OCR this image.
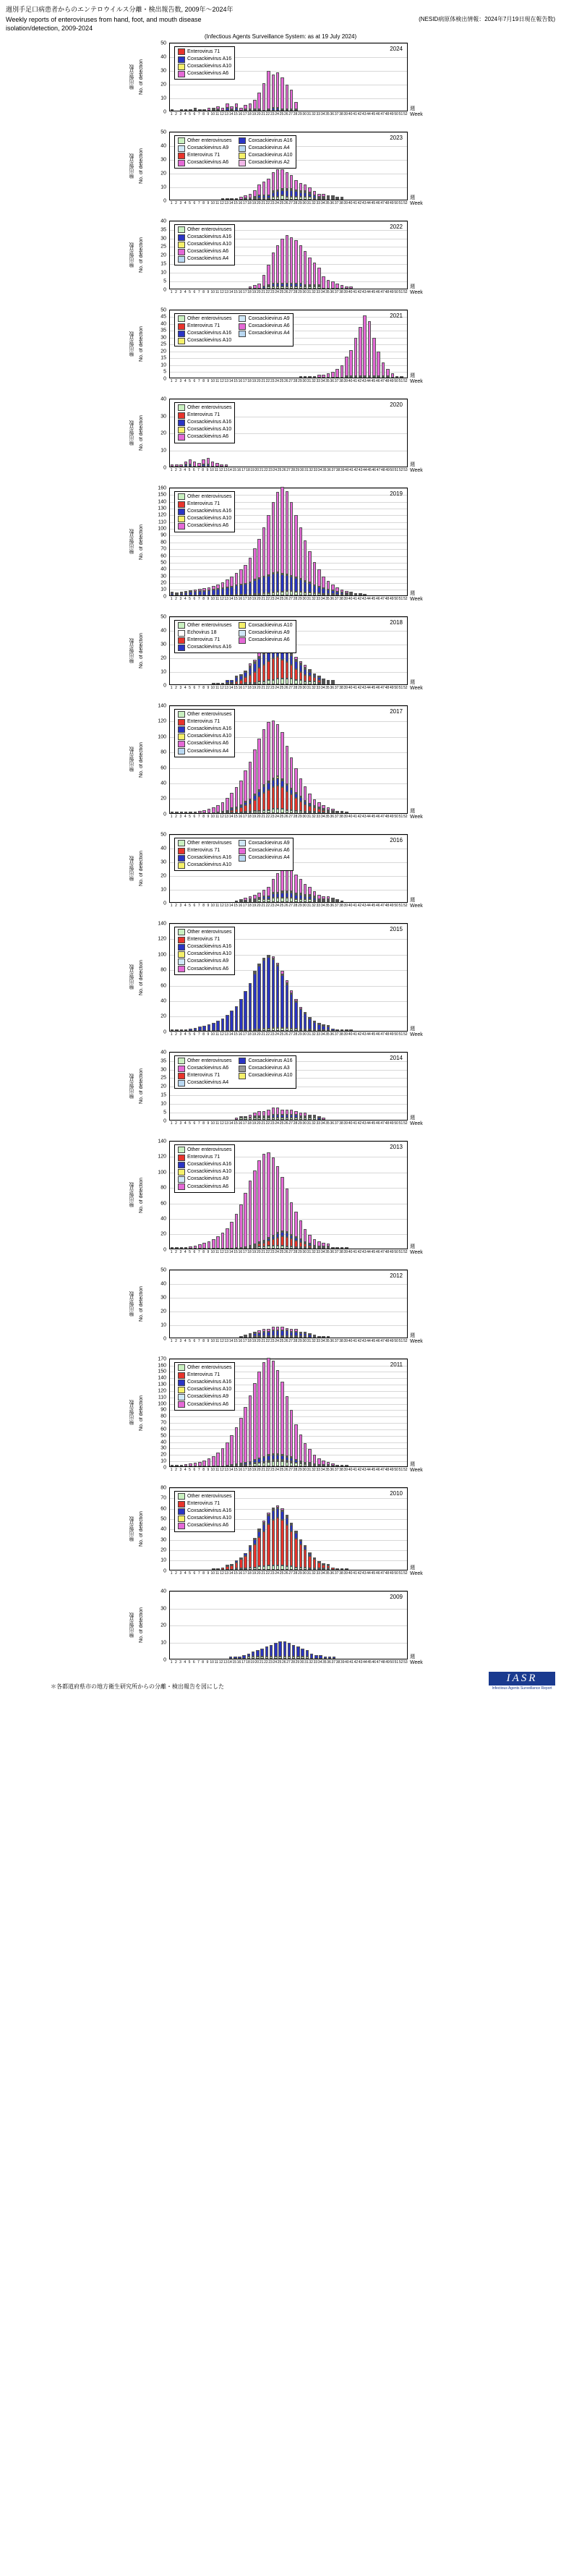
週別手足口病患者からのエンテロウイルス分離・検出報告数, 2009年～2024年
Weekly reports of enteroviruses from hand, foot, and mouth disease	(NESID病原体検出情報：2024年7月19日現在報告数)
isolation/detection, 2009-2024
(Infectious Agents Surveillance System: as at 19 July 2024)
検出報告数 No. of detection
0
10
20
30
40
50
2024
Enterovirus 71
Coxsackievirus A16
Coxsackievirus A10
Coxsackievirus A6
1 2 3 4 5 6 7 8 9 10 11 12 13 14 15 16 17 18 19 20 21 22 23 24 25 26 27 28 29 30 31 32 33 34 35 36 37 38 39 40 41 42 43 44 45 46 47 48 49 50 51 52
週
Week
検出報告数 No. of detection
0
10
20
30
40
50
2023
Other enteroviruses
Coxsackievirus A9
Enterovirus 71
Coxsackievirus A6
Coxsackievirus A16
Coxsackievirus A4
Coxsackievirus A10
Coxsackievirus A2
1 2 3 4 5 6 7 8 9 10 11 12 13 14 15 16 17 18 19 20 21 22 23 24 25 26 27 28 29 30 31 32 33 34 35 36 37 38 39 40 41 42 43 44 45 46 47 48 49 50 51 52
週
Week
検出報告数 No. of detection
0
5
10
15
20
25
30
35
40
2022
Other enteroviruses
Coxsackievirus A16
Coxsackievirus A10
Coxsackievirus A6
Coxsackievirus A4
1 2 3 4 5 6 7 8 9 10 11 12 13 14 15 16 17 18 19 20 21 22 23 24 25 26 27 28 29 30 31 32 33 34 35 36 37 38 39 40 41 42 43 44 45 46 47 48 49 50 51 52
週
Week
検出報告数 No. of detection
0
5
10
15
20
25
30
35
40
45
50
2021
Other enteroviruses
Enterovirus 71
Coxsackievirus A16
Coxsackievirus A10
Coxsackievirus A9
Coxsackievirus A6
Coxsackievirus A4
1 2 3 4 5 6 7 8 9 10 11 12 13 14 15 16 17 18 19 20 21 22 23 24 25 26 27 28 29 30 31 32 33 34 35 36 37 38 39 40 41 42 43 44 45 46 47 48 49 50 51 52
週
Week
検出報告数 No. of detection
0
10
20
30
40
2020
Other enteroviruses
Enterovirus 71
Coxsackievirus A16
Coxsackievirus A10
Coxsackievirus A6
1 2 3 4 5 6 7 8 9 10 11 12 13 14 15 16 17 18 19 20 21 22 23 24 25 26 27 28 29 30 31 32 33 34 35 36 37 38 39 40 41 42 43 44 45 46 47 48 49 50 51 52 53
週
Week
検出報告数 No. of detection
0
10
20
30
40
50
60
70
80
90
100
110
120
130
140
150
160
2019
Other enteroviruses
Enterovirus 71
Coxsackievirus A16
Coxsackievirus A10
Coxsackievirus A6
1 2 3 4 5 6 7 8 9 10 11 12 13 14 15 16 17 18 19 20 21 22 23 24 25 26 27 28 29 30 31 32 33 34 35 36 37 38 39 40 41 42 43 44 45 46 47 48 49 50 51 52
週
Week
検出報告数 No. of detection
0
10
20
30
40
50
2018
Other enteroviruses
Echovirus 18
Enterovirus 71
Coxsackievirus A16
Coxsackievirus A10
Coxsackievirus A9
Coxsackievirus A6
1 2 3 4 5 6 7 8 9 10 11 12 13 14 15 16 17 18 19 20 21 22 23 24 25 26 27 28 29 30 31 32 33 34 35 36 37 38 39 40 41 42 43 44 45 46 47 48 49 50 51 52
週
Week
検出報告数 No. of detection
0
20
40
60
80
100
120
140
2017
Other enteroviruses
Enterovirus 71
Coxsackievirus A16
Coxsackievirus A10
Coxsackievirus A6
Coxsackievirus A4
1 2 3 4 5 6 7 8 9 10 11 12 13 14 15 16 17 18 19 20 21 22 23 24 25 26 27 28 29 30 31 32 33 34 35 36 37 38 39 40 41 42 43 44 45 46 47 48 49 50 51 52
週
Week
検出報告数 No. of detection
0
10
20
30
40
50
2016
Other enteroviruses
Enterovirus 71
Coxsackievirus A16
Coxsackievirus A10
Coxsackievirus A9
Coxsackievirus A6
Coxsackievirus A4
1 2 3 4 5 6 7 8 9 10 11 12 13 14 15 16 17 18 19 20 21 22 23 24 25 26 27 28 29 30 31 32 33 34 35 36 37 38 39 40 41 42 43 44 45 46 47 48 49 50 51 52
週
Week
検出報告数 No. of detection
0
20
40
60
80
100
120
140
2015
Other enteroviruses
Enterovirus 71
Coxsackievirus A16
Coxsackievirus A10
Coxsackievirus A9
Coxsackievirus A6
1 2 3 4 5 6 7 8 9 10 11 12 13 14 15 16 17 18 19 20 21 22 23 24 25 26 27 28 29 30 31 32 33 34 35 36 37 38 39 40 41 42 43 44 45 46 47 48 49 50 51 52
週
Week
検出報告数 No. of detection
0
5
10
15
20
25
30
35
40
2014
Other enteroviruses
Coxsackievirus A6
Enterovirus 71
Coxsackievirus A4
Coxsackievirus A16
Coxsackievirus A3
Coxsackievirus A10
1 2 3 4 5 6 7 8 9 10 11 12 13 14 15 16 17 18 19 20 21 22 23 24 25 26 27 28 29 30 31 32 33 34 35 36 37 38 39 40 41 42 43 44 45 46 47 48 49 50 51 52
週
Week
検出報告数 No. of detection
0
20
40
60
80
100
120
140
2013
Other enteroviruses
Enterovirus 71
Coxsackievirus A16
Coxsackievirus A10
Coxsackievirus A9
Coxsackievirus A6
1 2 3 4 5 6 7 8 9 10 11 12 13 14 15 16 17 18 19 20 21 22 23 24 25 26 27 28 29 30 31 32 33 34 35 36 37 38 39 40 41 42 43 44 45 46 47 48 49 50 51 52
週
Week
検出報告数 No. of detection
0
10
20
30
40
50
2012
1 2 3 4 5 6 7 8 9 10 11 12 13 14 15 16 17 18 19 20 21 22 23 24 25 26 27 28 29 30 31 32 33 34 35 36 37 38 39 40 41 42 43 44 45 46 47 48 49 50 51 52
週
Week
検出報告数 No. of detection
0
10
20
30
40
50
60
70
80
90
100
110
120
130
140
150
160
170
2011
Other enteroviruses
Enterovirus 71
Coxsackievirus A16
Coxsackievirus A10
Coxsackievirus A9
Coxsackievirus A6
1 2 3 4 5 6 7 8 9 10 11 12 13 14 15 16 17 18 19 20 21 22 23 24 25 26 27 28 29 30 31 32 33 34 35 36 37 38 39 40 41 42 43 44 45 46 47 48 49 50 51 52
週
Week
検出報告数 No. of detection
0
10
20
30
40
50
60
70
80
2010
Other enteroviruses
Enterovirus 71
Coxsackievirus A16
Coxsackievirus A10
Coxsackievirus A6
1 2 3 4 5 6 7 8 9 10 11 12 13 14 15 16 17 18 19 20 21 22 23 24 25 26 27 28 29 30 31 32 33 34 35 36 37 38 39 40 41 42 43 44 45 46 47 48 49 50 51 52
週
Week
検出報告数 No. of detection
0
10
20
30
40
2009
1 2 3 4 5 6 7 8 9 10 11 12 13 14 15 16 17 18 19 20 21 22 23 24 25 26 27 28 29 30 31 32 33 34 35 36 37 38 39 40 41 42 43 44 45 46 47 48 49 50 51 52 53
週
Week
＊各都道府県市の地方衛生研究所からの分離・検出報告を図にした
IASR
Infectious Agents Surveillance Report
